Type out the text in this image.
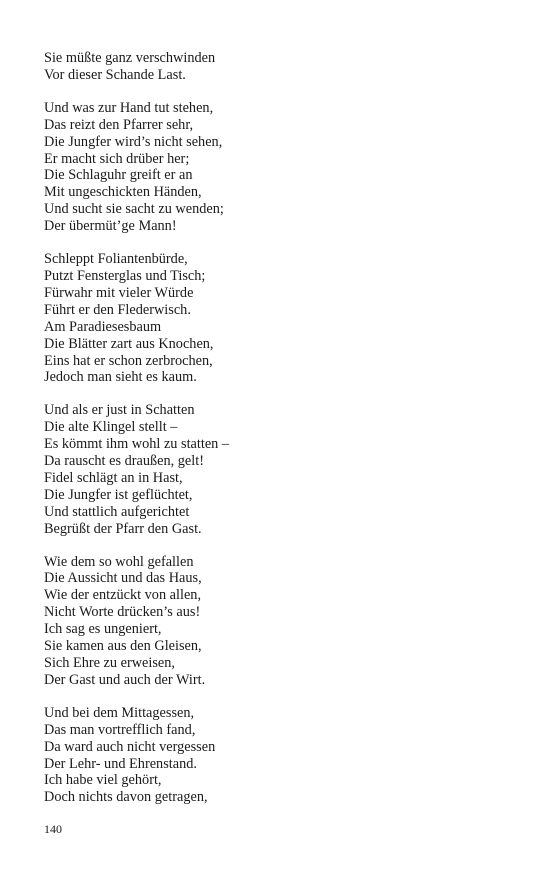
Sie müßte ganz verschwinden
Vor dieser Schande Last.
Und was zur Hand tut stehen,
Das reizt den Pfarrer sehr,
Die Jungfer wird’s nicht sehen,
Er macht sich drüber her;
Die Schlaguhr greift er an
Mit ungeschickten Händen,
Und sucht sie sacht zu wenden;
Der übermüt’ge Mann!
Schleppt Foliantenbürde,
Putzt Fensterglas und Tisch;
Fürwahr mit vieler Würde
Führt er den Flederwisch.
Am Paradiesesbaum
Die Blätter zart aus Knochen,
Eins hat er schon zerbrochen,
Jedoch man sieht es kaum.
Und als er just in Schatten
Die alte Klingel stellt –
Es kömmt ihm wohl zu statten –
Da rauscht es draußen, gelt!
Fidel schlägt an in Hast,
Die Jungfer ist geflüchtet,
Und stattlich aufgerichtet
Begrüßt der Pfarr den Gast.
Wie dem so wohl gefallen
Die Aussicht und das Haus,
Wie der entzückt von allen,
Nicht Worte drücken’s aus!
Ich sag es ungeniert,
Sie kamen aus den Gleisen,
Sich Ehre zu erweisen,
Der Gast und auch der Wirt.
Und bei dem Mittagessen,
Das man vortrefflich fand,
Da ward auch nicht vergessen
Der Lehr- und Ehrenstand.
Ich habe viel gehört,
Doch nichts davon getragen,
140
